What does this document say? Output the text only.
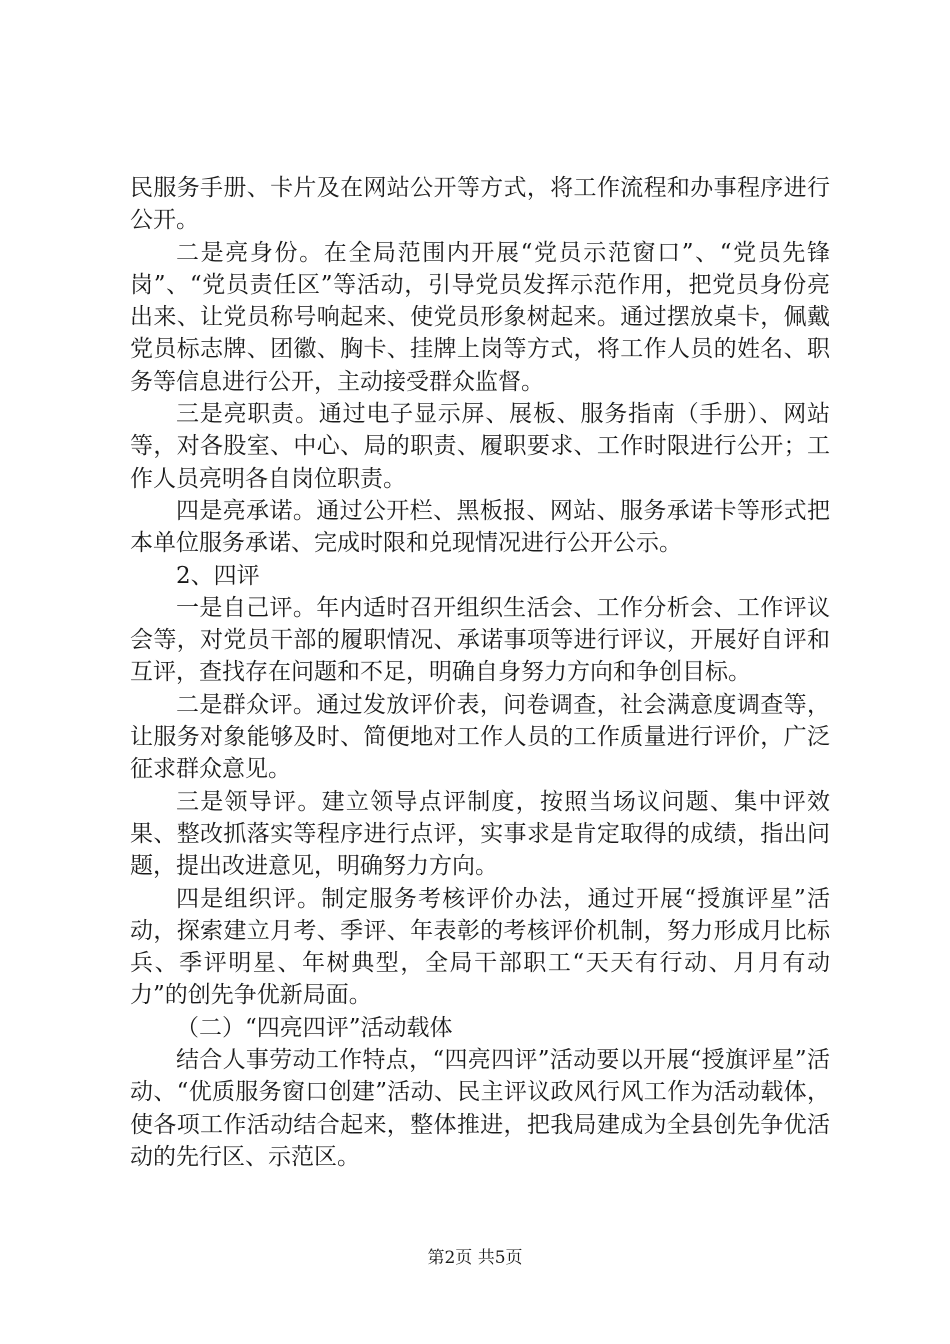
民服务手册、卡片及在网站公开等方式，将工作流程和办事程序进行公开。

二是亮身份。在全局范围内开展“党员示范窗口”、“党员先锋岗”、“党员责任区”等活动，引导党员发挥示范作用，把党员身份亮出来、让党员称号响起来、使党员形象树起来。通过摆放桌卡，佩戴党员标志牌、团徽、胸卡、挂牌上岗等方式，将工作人员的姓名、职务等信息进行公开，主动接受群众监督。

三是亮职责。通过电子显示屏、展板、服务指南（手册）、网站等，对各股室、中心、局的职责、履职要求、工作时限进行公开；工作人员亮明各自岗位职责。

四是亮承诺。通过公开栏、黑板报、网站、服务承诺卡等形式把本单位服务承诺、完成时限和兑现情况进行公开公示。

2、四评

一是自己评。年内适时召开组织生活会、工作分析会、工作评议会等，对党员干部的履职情况、承诺事项等进行评议，开展好自评和互评，查找存在问题和不足，明确自身努力方向和争创目标。

二是群众评。通过发放评价表，问卷调查，社会满意度调查等，让服务对象能够及时、简便地对工作人员的工作质量进行评价，广泛征求群众意见。

三是领导评。建立领导点评制度，按照当场议问题、集中评效果、整改抓落实等程序进行点评，实事求是肯定取得的成绩，指出问题，提出改进意见，明确努力方向。

四是组织评。制定服务考核评价办法，通过开展“授旗评星”活动，探索建立月考、季评、年表彰的考核评价机制，努力形成月比标兵、季评明星、年树典型，全局干部职工“天天有行动、月月有动力”的创先争优新局面。

（二）“四亮四评”活动载体

结合人事劳动工作特点，“四亮四评”活动要以开展“授旗评星”活动、“优质服务窗口创建”活动、民主评议政风行风工作为活动载体，使各项工作活动结合起来，整体推进，把我局建成为全县创先争优活动的先行区、示范区。

第2页 共5页
